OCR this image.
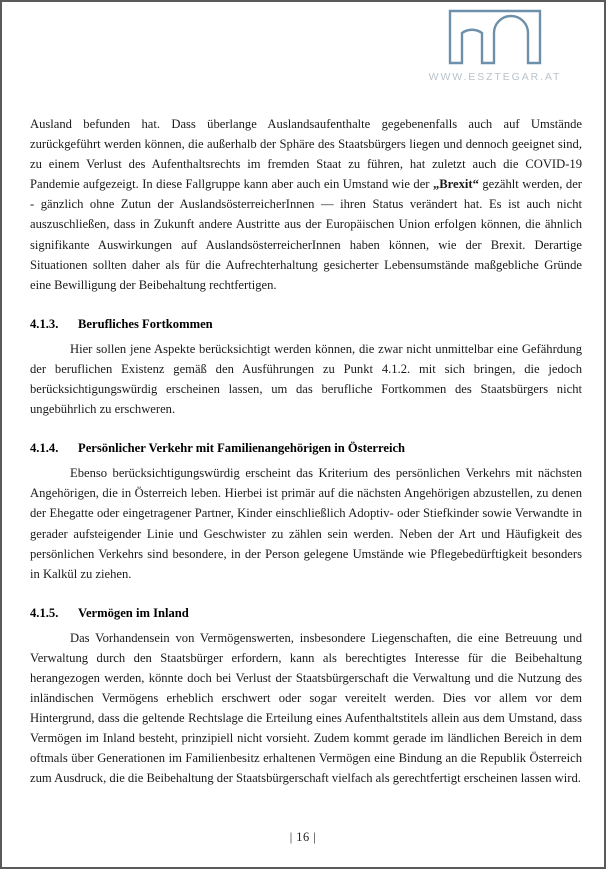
WWW.ESZTEGAR.AT

Ausland befunden hat. Dass überlange Auslandsaufenthalte gegebenenfalls auch auf Umstände zurückgeführt werden können, die außerhalb der Sphäre des Staatsbürgers liegen und dennoch geeignet sind, zu einem Verlust des Aufenthaltsrechts im fremden Staat zu führen, hat zuletzt auch die COVID-19 Pandemie aufgezeigt. In diese Fallgruppe kann aber auch ein Umstand wie der „Brexit“ gezählt werden, der - gänzlich ohne Zutun der AuslandsösterreicherInnen — ihren Status verändert hat. Es ist auch nicht auszuschließen, dass in Zukunft andere Austritte aus der Europäischen Union erfolgen können, die ähnlich signifikante Auswirkungen auf AuslandsösterreicherInnen haben können, wie der Brexit. Derartige Situationen sollten daher als für die Aufrechterhaltung gesicherter Lebensumstände maßgebliche Gründe eine Bewilligung der Beibehaltung rechtfertigen.

4.1.3. Berufliches Fortkommen

Hier sollen jene Aspekte berücksichtigt werden können, die zwar nicht unmittelbar eine Gefährdung der beruflichen Existenz gemäß den Ausführungen zu Punkt 4.1.2. mit sich bringen, die jedoch berücksichtigungswürdig erscheinen lassen, um das berufliche Fortkommen des Staatsbürgers nicht ungebührlich zu erschweren.

4.1.4. Persönlicher Verkehr mit Familienangehörigen in Österreich

Ebenso berücksichtigungswürdig erscheint das Kriterium des persönlichen Verkehrs mit nächsten Angehörigen, die in Österreich leben. Hierbei ist primär auf die nächsten Angehörigen abzustellen, zu denen der Ehegatte oder eingetragener Partner, Kinder einschließlich Adoptiv- oder Stiefkinder sowie Verwandte in gerader aufsteigender Linie und Geschwister zu zählen sein werden. Neben der Art und Häufigkeit des persönlichen Verkehrs sind besondere, in der Person gelegene Umstände wie Pflegebedürftigkeit besonders in Kalkül zu ziehen.

4.1.5. Vermögen im Inland

Das Vorhandensein von Vermögenswerten, insbesondere Liegenschaften, die eine Betreuung und Verwaltung durch den Staatsbürger erfordern, kann als berechtigtes Interesse für die Beibehaltung herangezogen werden, könnte doch bei Verlust der Staatsbürgerschaft die Verwaltung und die Nutzung des inländischen Vermögens erheblich erschwert oder sogar vereitelt werden. Dies vor allem vor dem Hintergrund, dass die geltende Rechtslage die Erteilung eines Aufenthaltstitels allein aus dem Umstand, dass Vermögen im Inland besteht, prinzipiell nicht vorsieht. Zudem kommt gerade im ländlichen Bereich in dem oftmals über Generationen im Familienbesitz erhaltenen Vermögen eine Bindung an die Republik Österreich zum Ausdruck, die die Beibehaltung der Staatsbürgerschaft vielfach als gerechtfertigt erscheinen lassen wird.

| 16 |
